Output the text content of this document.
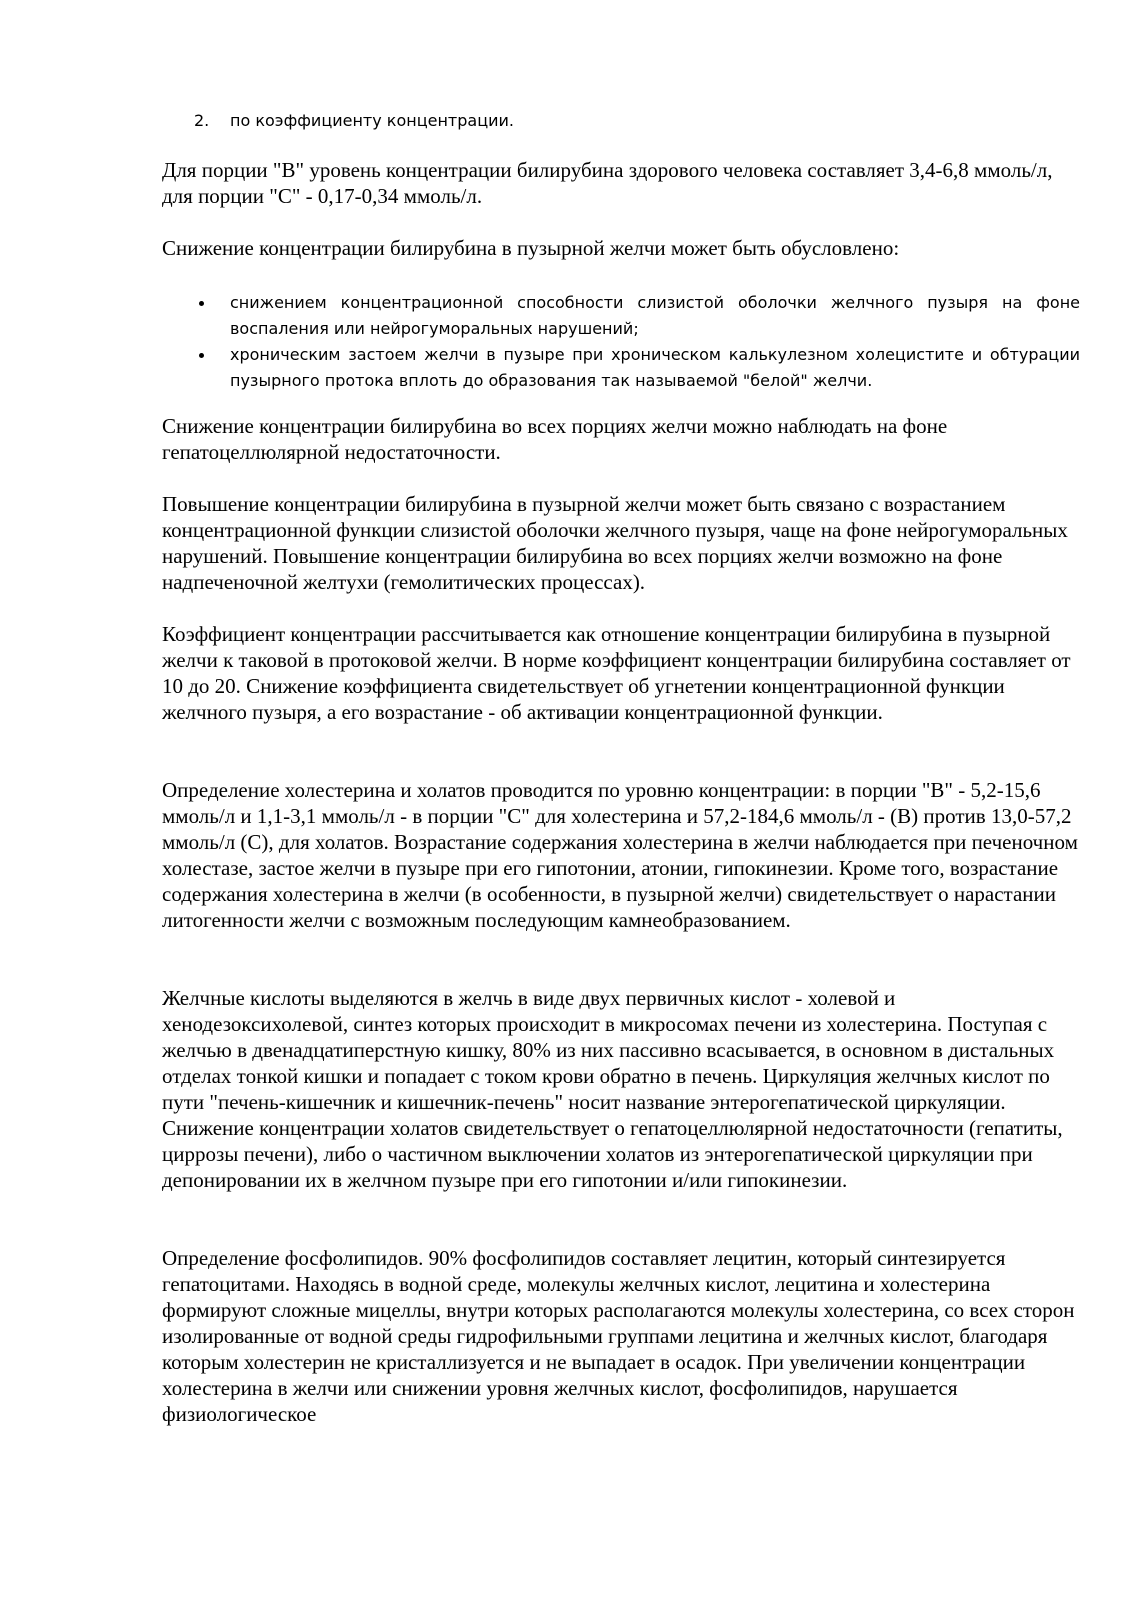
2. по коэффициенту концентрации.

Для порции "В" уровень концентрации билирубина здорового человека составляет 3,4-6,8 ммоль/л, для порции "С" - 0,17-0,34 ммоль/л.

Снижение концентрации билирубина в пузырной желчи может быть обусловлено:

снижением концентрационной способности слизистой оболочки желчного пузыря на фоне воспаления или нейрогуморальных нарушений;
хроническим застоем желчи в пузыре при хроническом калькулезном холецистите и обтурации пузырного протока вплоть до образования так называемой "белой" желчи.

Снижение концентрации билирубина во всех порциях желчи можно наблюдать на фоне гепатоцеллюлярной недостаточности.

Повышение концентрации билирубина в пузырной желчи может быть связано с возрастанием концентрационной функции слизистой оболочки желчного пузыря, чаще на фоне нейрогуморальных нарушений. Повышение концентрации билирубина во всех порциях желчи возможно на фоне надпеченочной желтухи (гемолитических процессах).

Коэффициент концентрации рассчитывается как отношение концентрации билирубина в пузырной желчи к таковой в протоковой желчи. В норме коэффициент концентрации билирубина составляет от 10 до 20. Снижение коэффициента свидетельствует об угнетении концентрационной функции желчного пузыря, а его возрастание - об активации концентрационной функции.

Определение холестерина и холатов проводится по уровню концентрации: в порции "В" - 5,2-15,6 ммоль/л и 1,1-3,1 ммоль/л - в порции "С" для холестерина и 57,2-184,6 ммоль/л - (В) против 13,0-57,2 ммоль/л (С), для холатов. Возрастание содержания холестерина в желчи наблюдается при печеночном холестазе, застое желчи в пузыре при его гипотонии, атонии, гипокинезии. Кроме того, возрастание содержания холестерина в желчи (в особенности, в пузырной желчи) свидетельствует о нарастании литогенности желчи с возможным последующим камнеобразованием.

Желчные кислоты выделяются в желчь в виде двух первичных кислот - холевой и хенодезоксихолевой, синтез которых происходит в микросомах печени из холестерина. Поступая с желчью в двенадцатиперстную кишку, 80% из них пассивно всасывается, в основном в дистальных отделах тонкой кишки и попадает с током крови обратно в печень. Циркуляция желчных кислот по пути "печень-кишечник и кишечник-печень" носит название энтерогепатической циркуляции. Снижение концентрации холатов свидетельствует о гепатоцеллюлярной недостаточности (гепатиты, циррозы печени), либо о частичном выключении холатов из энтерогепатической циркуляции при депонировании их в желчном пузыре при его гипотонии и/или гипокинезии.

Определение фосфолипидов. 90% фосфолипидов составляет лецитин, который синтезируется гепатоцитами. Находясь в водной среде, молекулы желчных кислот, лецитина и холестерина формируют сложные мицеллы, внутри которых располагаются молекулы холестерина, со всех сторон изолированные от водной среды гидрофильными группами лецитина и желчных кислот, благодаря которым холестерин не кристаллизуется и не выпадает в осадок. При увеличении концентрации холестерина в желчи или снижении уровня желчных кислот, фосфолипидов, нарушается физиологическое
